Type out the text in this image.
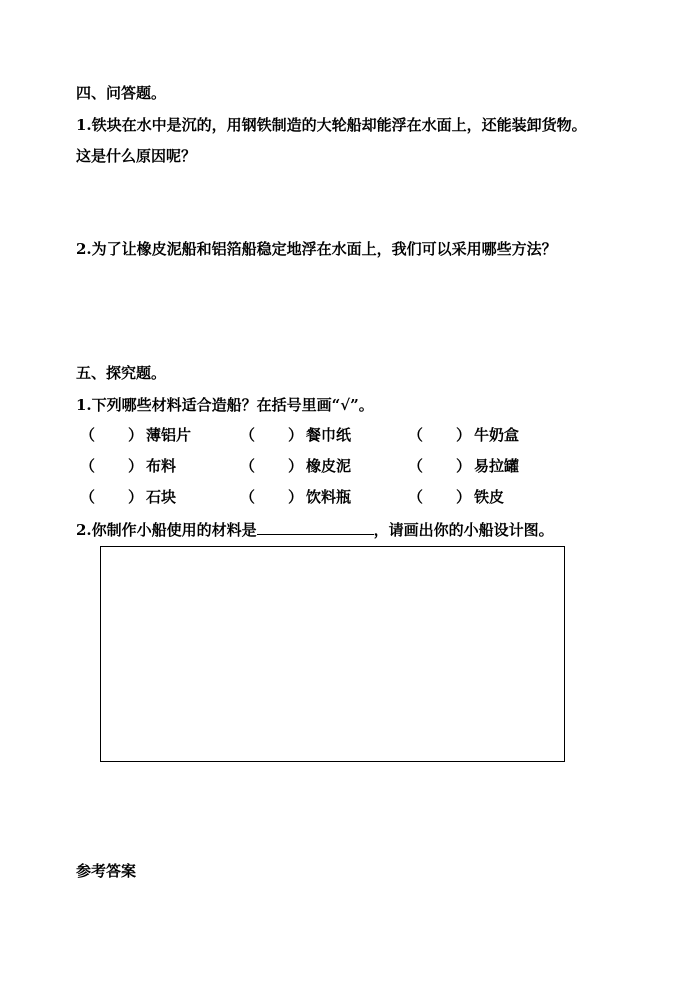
四、问答题。
1.铁块在水中是沉的，用钢铁制造的大轮船却能浮在水面上，还能装卸货物。
这是什么原因呢？
2.为了让橡皮泥船和铝箔船稳定地浮在水面上，我们可以采用哪些方法？
五、探究题。
1.下列哪些材料适合造船？在括号里画“√”。
（ ） 薄铝片	（ ） 餐巾纸	（ ） 牛奶盒
（ ） 布料	（ ） 橡皮泥	（ ） 易拉罐
（ ） 石块	（ ） 饮料瓶	（ ） 铁皮
2.你制作小船使用的材料是	，请画出你的小船设计图。
参考答案
